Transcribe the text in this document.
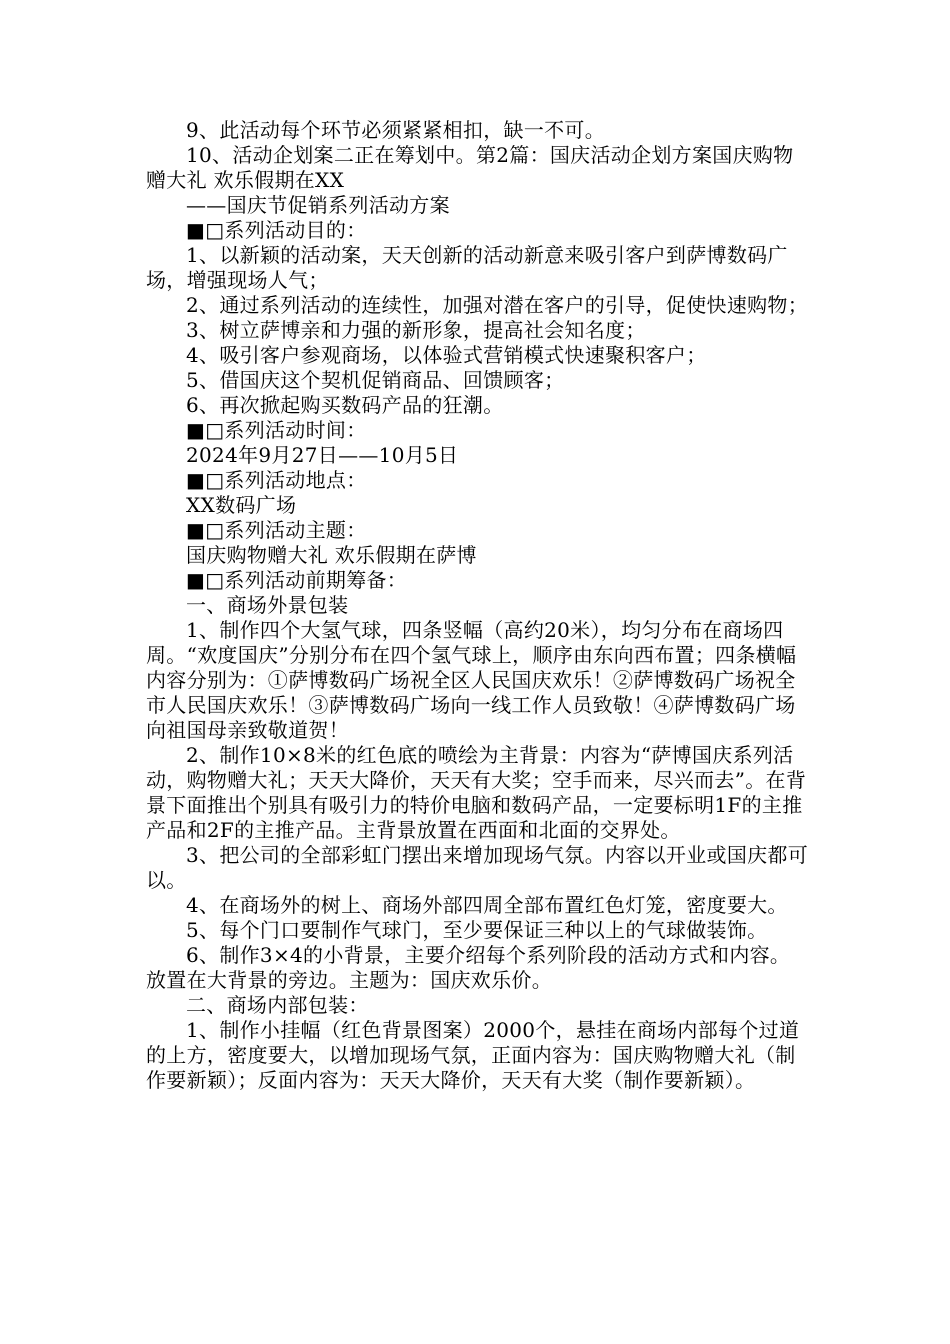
9、此活动每个环节必须紧紧相扣，缺一不可。

10、活动企划案二正在筹划中。第2篇：国庆活动企划方案国庆购物赠大礼 欢乐假期在XX

——国庆节促销系列活动方案

■□系列活动目的：

1、以新颖的活动案，天天创新的活动新意来吸引客户到萨博数码广场，增强现场人气；

2、通过系列活动的连续性，加强对潜在客户的引导，促使快速购物；

3、树立萨博亲和力强的新形象，提高社会知名度；

4、吸引客户参观商场，以体验式营销模式快速聚积客户；

5、借国庆这个契机促销商品、回馈顾客；

6、再次掀起购买数码产品的狂潮。

■□系列活动时间：

2024年9月27日——10月5日

■□系列活动地点：

XX数码广场

■□系列活动主题：

国庆购物赠大礼 欢乐假期在萨博

■□系列活动前期筹备：

一、商场外景包装

1、制作四个大氢气球，四条竖幅（高约20米），均匀分布在商场四周。“欢度国庆”分别分布在四个氢气球上，顺序由东向西布置；四条横幅内容分别为：①萨博数码广场祝全区人民国庆欢乐！②萨博数码广场祝全市人民国庆欢乐！③萨博数码广场向一线工作人员致敬！④萨博数码广场向祖国母亲致敬道贺！

2、制作10×8米的红色底的喷绘为主背景：内容为“萨博国庆系列活动，购物赠大礼；天天大降价，天天有大奖；空手而来，尽兴而去”。在背景下面推出个别具有吸引力的特价电脑和数码产品，一定要标明1F的主推产品和2F的主推产品。主背景放置在西面和北面的交界处。

3、把公司的全部彩虹门摆出来增加现场气氛。内容以开业或国庆都可以。

4、在商场外的树上、商场外部四周全部布置红色灯笼，密度要大。

5、每个门口要制作气球门，至少要保证三种以上的气球做装饰。

6、制作3×4的小背景，主要介绍每个系列阶段的活动方式和内容。放置在大背景的旁边。主题为：国庆欢乐价。

二、商场内部包装：

1、制作小挂幅（红色背景图案）2000个，悬挂在商场内部每个过道的上方，密度要大，以增加现场气氛，正面内容为：国庆购物赠大礼（制作要新颖）；反面内容为：天天大降价，天天有大奖（制作要新颖）。
